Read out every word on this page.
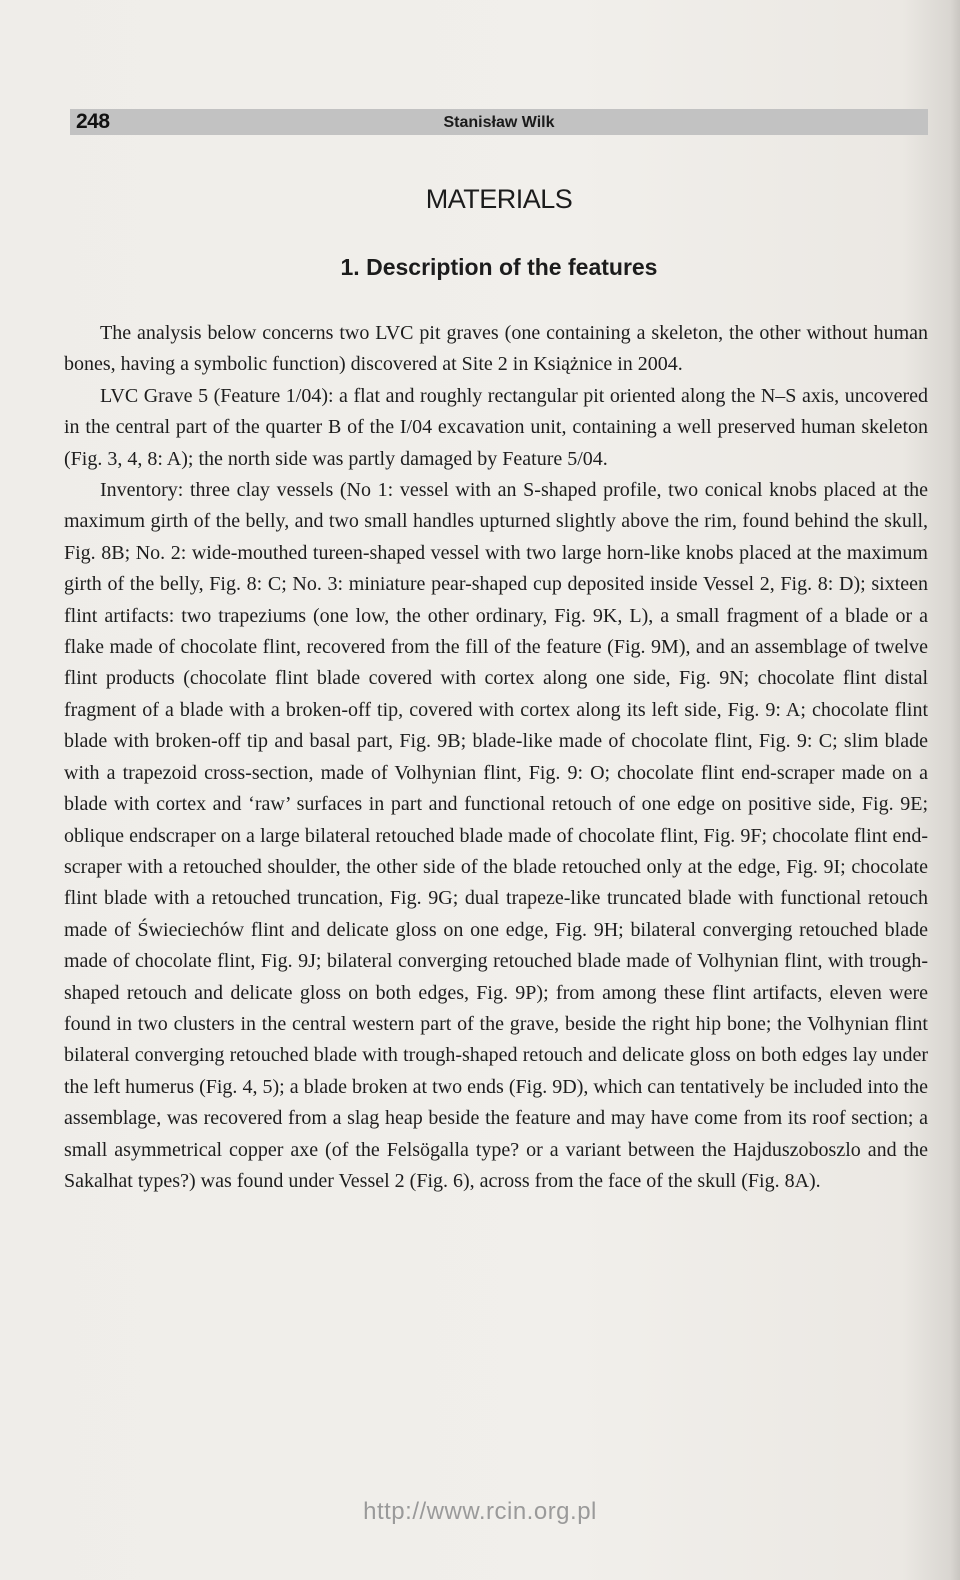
248	Stanisław Wilk
MATERIALS
1. Description of the features

The analysis below concerns two LVC pit graves (one containing a skeleton, the other without human bones, having a symbolic function) discovered at Site 2 in Książnice in 2004.

LVC Grave 5 (Feature 1/04): a flat and roughly rectangular pit oriented along the N–S axis, uncovered in the central part of the quarter B of the I/04 excavation unit, containing a well preserved human skeleton (Fig. 3, 4, 8: A); the north side was partly damaged by Feature 5/04.

Inventory: three clay vessels (No 1: vessel with an S-shaped profile, two conical knobs placed at the maximum girth of the belly, and two small handles upturned slightly above the rim, found behind the skull, Fig. 8B; No. 2: wide-mouthed tureen-shaped vessel with two large horn-like knobs placed at the maximum girth of the belly, Fig. 8: C; No. 3: miniature pear-shaped cup deposited inside Vessel 2, Fig. 8: D); sixteen flint artifacts: two trapeziums (one low, the other ordinary, Fig. 9K, L), a small fragment of a blade or a flake made of chocolate flint, recovered from the fill of the feature (Fig. 9M), and an assemblage of twelve flint products (chocolate flint blade covered with cortex along one side, Fig. 9N; chocolate flint distal fragment of a blade with a broken-off tip, covered with cortex along its left side, Fig. 9: A; chocolate flint blade with broken-off tip and basal part, Fig. 9B; blade-like made of chocolate flint, Fig. 9: C; slim blade with a trapezoid cross-section, made of Volhynian flint, Fig. 9: O; chocolate flint end-scraper made on a blade with cortex and ‘raw’ surfaces in part and functional retouch of one edge on positive side, Fig. 9E; oblique endscraper on a large bilateral retouched blade made of chocolate flint, Fig. 9F; chocolate flint end-scraper with a retouched shoulder, the other side of the blade retouched only at the edge, Fig. 9I; chocolate flint blade with a retouched truncation, Fig. 9G; dual trapeze-like truncated blade with functional retouch made of Świeciechów flint and delicate gloss on one edge, Fig. 9H; bilateral converging retouched blade made of chocolate flint, Fig. 9J; bilateral converging retouched blade made of Volhynian flint, with trough-shaped retouch and delicate gloss on both edges, Fig. 9P); from among these flint artifacts, eleven were found in two clusters in the central western part of the grave, beside the right hip bone; the Volhynian flint bilateral converging retouched blade with trough-shaped retouch and delicate gloss on both edges lay under the left humerus (Fig. 4, 5); a blade broken at two ends (Fig. 9D), which can tentatively be included into the assemblage, was recovered from a slag heap beside the feature and may have come from its roof section; a small asymmetrical copper axe (of the Felsögalla type? or a variant between the Hajduszoboszlo and the Sakalhat types?) was found under Vessel 2 (Fig. 6), across from the face of the skull (Fig. 8A).

http://www.rcin.org.pl
